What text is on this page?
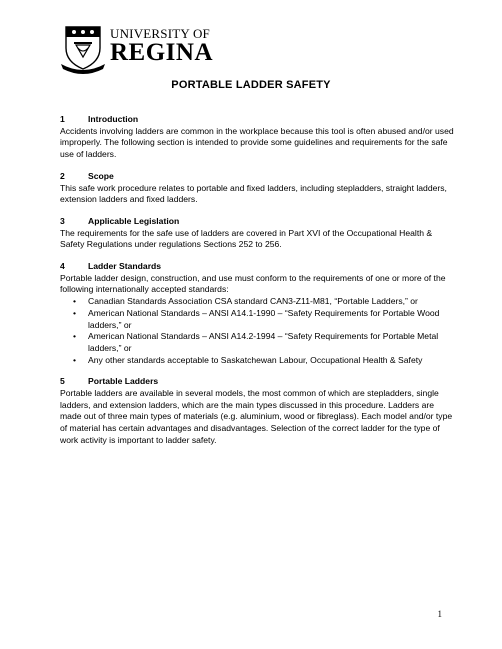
UNIVERSITY OF
REGINA
PORTABLE LADDER SAFETY
1	Introduction

Accidents involving ladders are common in the workplace because this tool is often abused and/or used improperly. The following section is intended to provide some guidelines and requirements for the safe use of ladders.

2	Scope

This safe work procedure relates to portable and fixed ladders, including stepladders, straight ladders, extension ladders and fixed ladders.

3	Applicable Legislation

The requirements for the safe use of ladders are covered in Part XVI of the Occupational Health & Safety Regulations under regulations Sections 252 to 256.

4	Ladder Standards

Portable ladder design, construction, and use must conform to the requirements of one or more of the following internationally accepted standards:

• Canadian Standards Association CSA standard CAN3-Z11-M81, “Portable Ladders,” or
• American National Standards – ANSI A14.1-1990 – “Safety Requirements for Portable Wood ladders,” or
• American National Standards – ANSI A14.2-1994 – “Safety Requirements for Portable Metal ladders,” or
• Any other standards acceptable to Saskatchewan Labour, Occupational Health & Safety
5	Portable Ladders

Portable ladders are available in several models, the most common of which are stepladders, single ladders, and extension ladders, which are the main types discussed in this procedure. Ladders are made out of three main types of materials (e.g. aluminium, wood or fibreglass). Each model and/or type of material has certain advantages and disadvantages. Selection of the correct ladder for the type of work activity is important to ladder safety.

1
